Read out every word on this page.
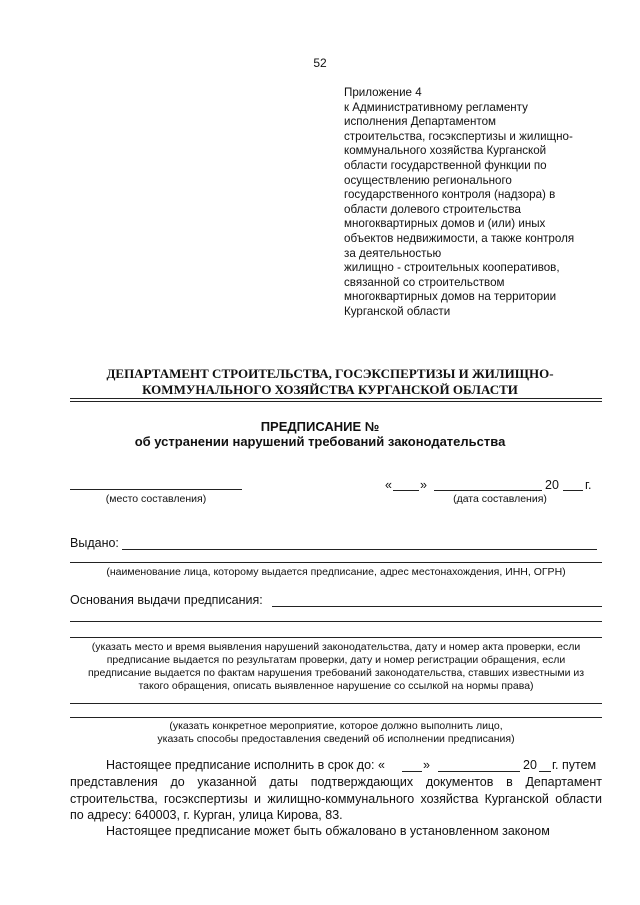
52
Приложение 4
к Административному регламенту
исполнения Департаментом
строительства, госэкспертизы и жилищно-
коммунального хозяйства Курганской
области государственной функции по
осуществлению регионального
государственного контроля (надзора) в
области долевого строительства
многоквартирных домов и (или) иных
объектов недвижимости, а также контроля
за деятельностью
жилищно - строительных кооперативов,
связанной со строительством
многоквартирных домов на территории
Курганской области
ДЕПАРТАМЕНТ СТРОИТЕЛЬСТВА, ГОСЭКСПЕРТИЗЫ И ЖИЛИЩНО-
КОММУНАЛЬНОГО ХОЗЯЙСТВА КУРГАНСКОЙ ОБЛАСТИ
ПРЕДПИСАНИЕ №
об устранении нарушений требований законодательства
(место составления)
« »	20 г.
(дата составления)
Выдано:
(наименование лица, которому выдается предписание, адрес местонахождения, ИНН, ОГРН)
Основания выдачи предписания:
(указать место и время выявления нарушений законодательства, дату и номер акта проверки, если
предписание выдается по результатам проверки, дату и номер регистрации обращения, если
предписание выдается по фактам нарушения требований законодательства, ставших известными из
такого обращения, описать выявленное нарушение со ссылкой на нормы права)
(указать конкретное мероприятие, которое должно выполнить лицо,
указать способы предоставления сведений об исполнении предписания)
Настоящее предписание исполнить в срок до: «	»	20 г. путем
представления до указанной даты подтверждающих документов в Департамент строительства, госэкспертизы и жилищно-коммунального хозяйства Курганской области по адресу: 640003, г. Курган, улица Кирова, 83.
Настоящее предписание может быть обжаловано в установленном законом
